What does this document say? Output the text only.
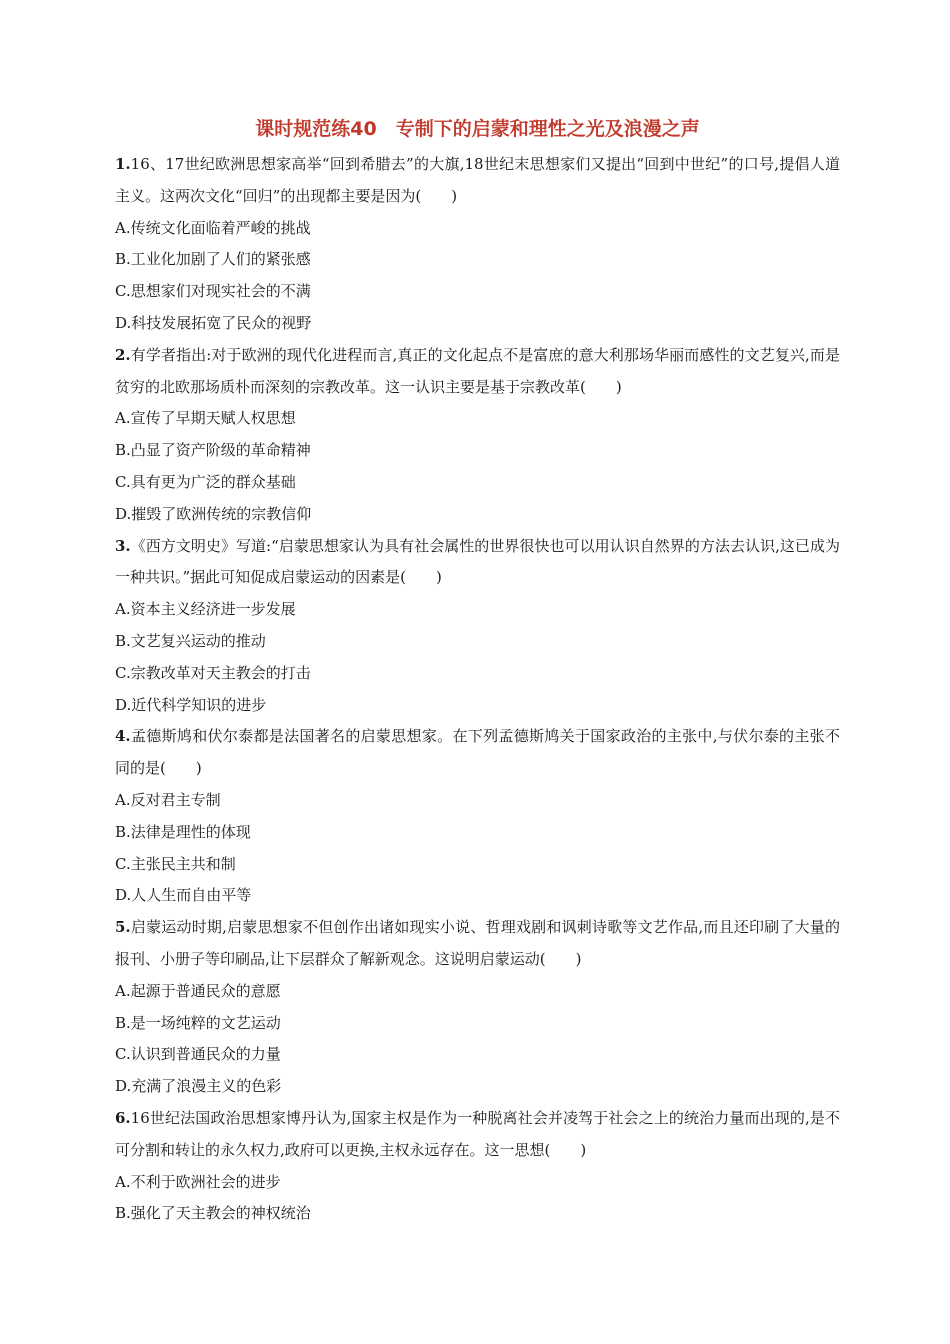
课时规范练40　专制下的启蒙和理性之光及浪漫之声

1.16、17世纪欧洲思想家高举“回到希腊去”的大旗,18世纪末思想家们又提出“回到中世纪”的口号,提倡人道主义。这两次文化“回归”的出现都主要是因为(　　)

A.传统文化面临着严峻的挑战

B.工业化加剧了人们的紧张感

C.思想家们对现实社会的不满

D.科技发展拓宽了民众的视野

2.有学者指出:对于欧洲的现代化进程而言,真正的文化起点不是富庶的意大利那场华丽而感性的文艺复兴,而是贫穷的北欧那场质朴而深刻的宗教改革。这一认识主要是基于宗教改革(　　)

A.宣传了早期天赋人权思想

B.凸显了资产阶级的革命精神

C.具有更为广泛的群众基础

D.摧毁了欧洲传统的宗教信仰

3.《西方文明史》写道:“启蒙思想家认为具有社会属性的世界很快也可以用认识自然界的方法去认识,这已成为一种共识。”据此可知促成启蒙运动的因素是(　　)

A.资本主义经济进一步发展

B.文艺复兴运动的推动

C.宗教改革对天主教会的打击

D.近代科学知识的进步

4.孟德斯鸠和伏尔泰都是法国著名的启蒙思想家。在下列孟德斯鸠关于国家政治的主张中,与伏尔泰的主张不同的是(　　)

A.反对君主专制

B.法律是理性的体现

C.主张民主共和制

D.人人生而自由平等

5.启蒙运动时期,启蒙思想家不但创作出诸如现实小说、哲理戏剧和讽刺诗歌等文艺作品,而且还印刷了大量的报刊、小册子等印刷品,让下层群众了解新观念。这说明启蒙运动(　　)

A.起源于普通民众的意愿

B.是一场纯粹的文艺运动

C.认识到普通民众的力量

D.充满了浪漫主义的色彩

6.16世纪法国政治思想家博丹认为,国家主权是作为一种脱离社会并凌驾于社会之上的统治力量而出现的,是不可分割和转让的永久权力,政府可以更换,主权永远存在。这一思想(　　)

A.不利于欧洲社会的进步

B.强化了天主教会的神权统治
